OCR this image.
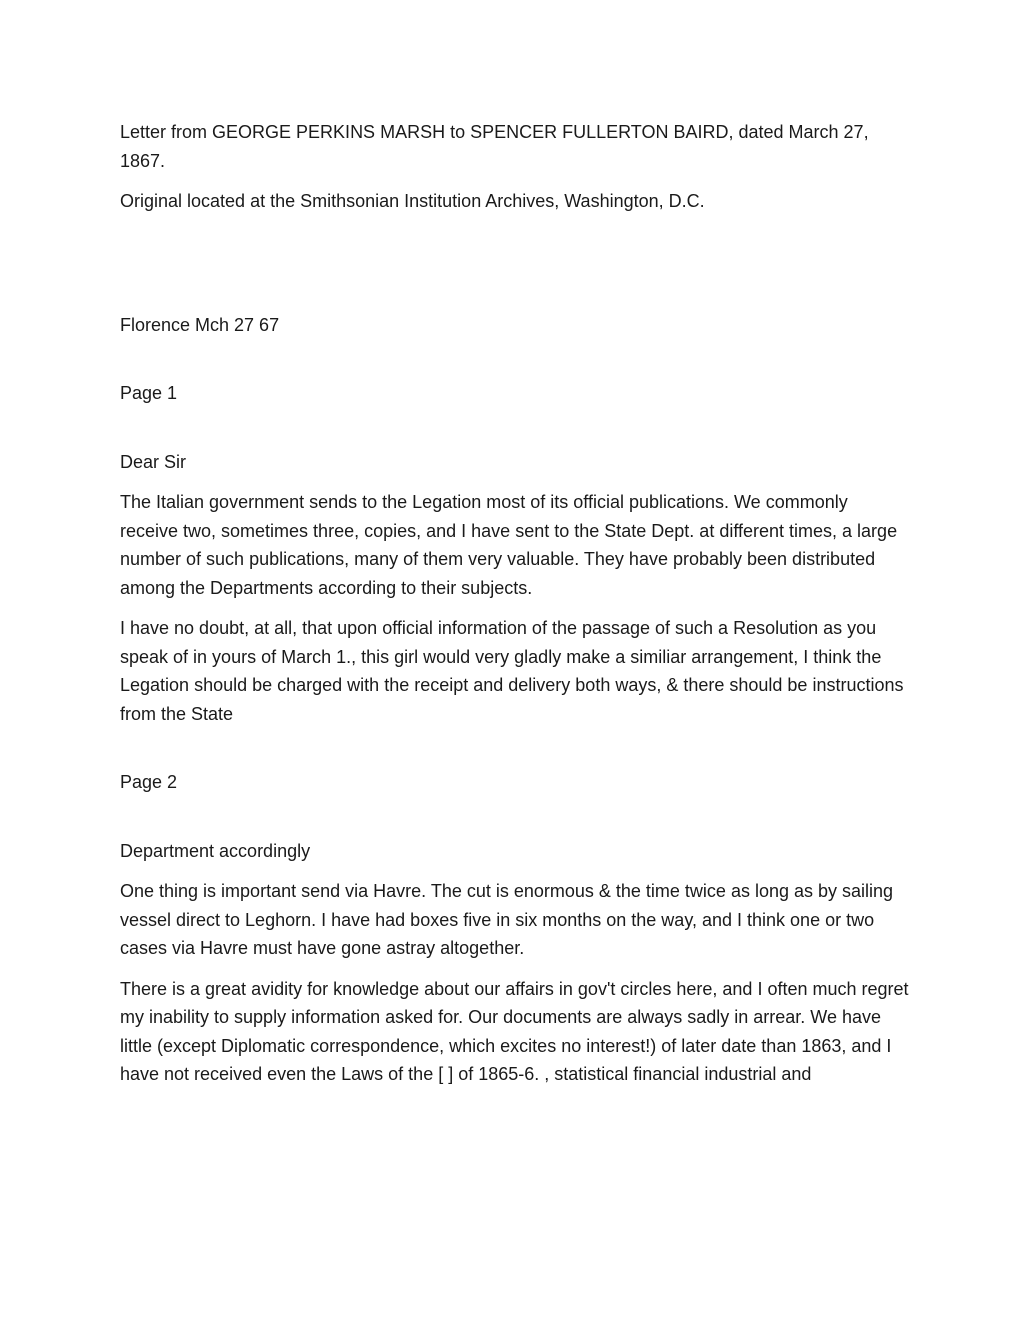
Letter from GEORGE PERKINS MARSH to SPENCER FULLERTON BAIRD, dated March 27, 1867.

Original located at the Smithsonian Institution Archives, Washington, D.C.

Florence Mch 27 67

Page 1

Dear Sir

The Italian government sends to the Legation most of its official publications. We commonly receive two, sometimes three, copies, and I have sent to the State Dept. at different times, a large number of such publications, many of them very valuable. They have probably been distributed among the Departments according to their subjects.

I have no doubt, at all, that upon official information of the passage of such a Resolution as you speak of in yours of March 1., this girl would very gladly make a similiar arrangement, I think the Legation should be charged with the receipt and delivery both ways, & there should be instructions from the State

Page 2

Department accordingly

One thing is important send via Havre. The cut is enormous & the time twice as long as by sailing vessel direct to Leghorn. I have had boxes five in six months on the way, and I think one or two cases via Havre must have gone astray altogether.

There is a great avidity for knowledge about our affairs in gov't circles here, and I often much regret my inability to supply information asked for. Our documents are always sadly in arrear. We have little (except Diplomatic correspondence, which excites no interest!) of later date than 1863, and I have not received even the Laws of the [ ] of 1865-6. , statistical financial industrial and
